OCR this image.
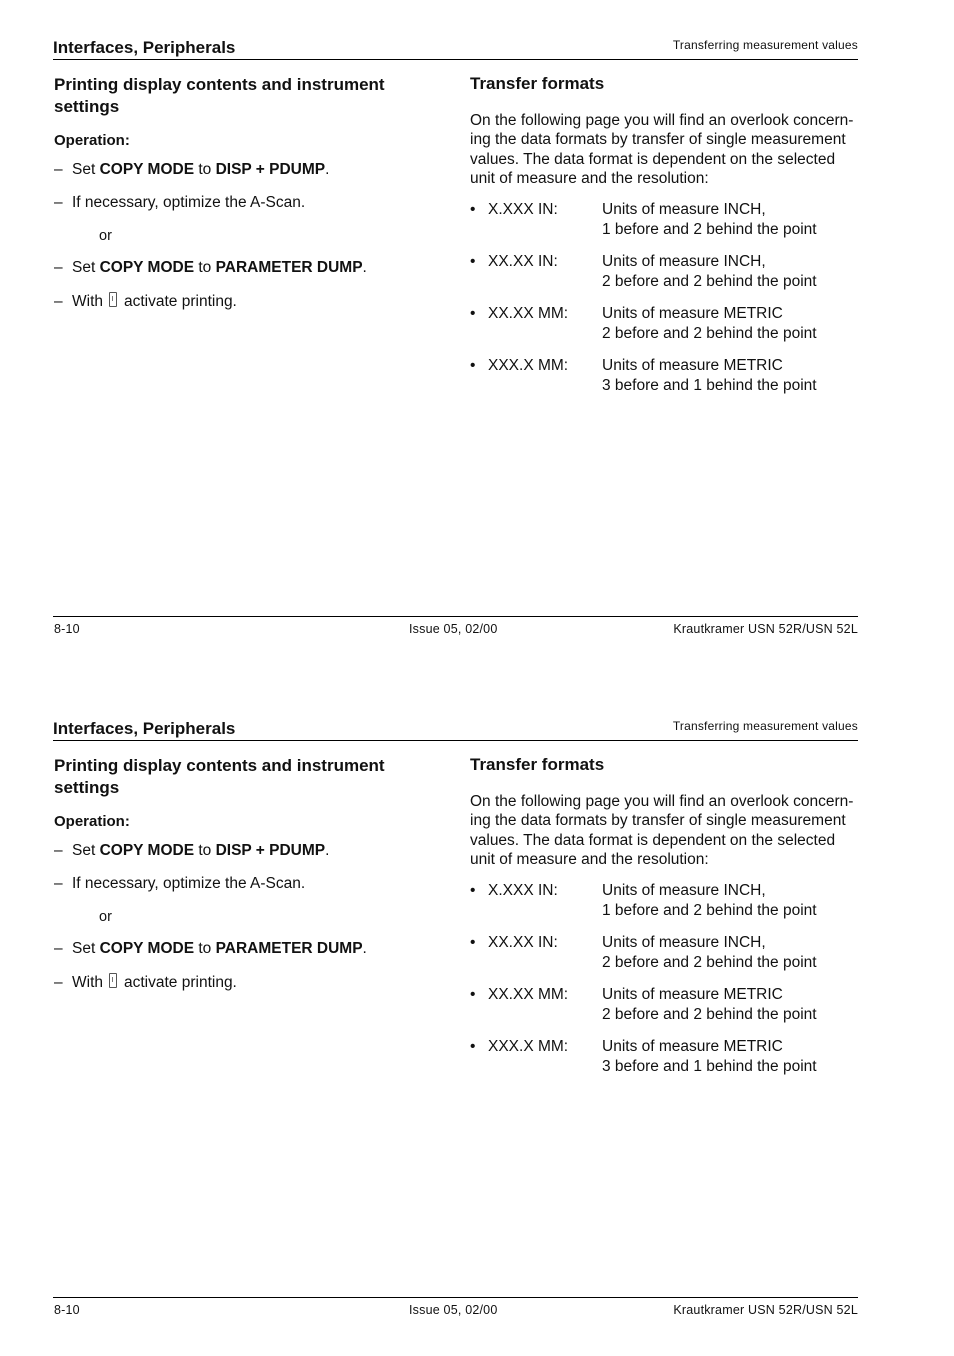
Interfaces, Peripherals	Transferring measurement values
Printing display contents and instrument settings
Operation:
– Set COPY MODE to DISP + PDUMP.
– If necessary, optimize the A-Scan.
or
– Set COPY MODE to PARAMETER DUMP.
– With activate printing.
Transfer formats
On the following page you will find an overlook concern-
ing the data formats by transfer of single measurement
values. The data format is dependent on the selected
unit of measure and the resolution:
• X.XXX IN:	Units of measure INCH,
1 before and 2 behind the point
• XX.XX IN:	Units of measure INCH,
2 before and 2 behind the point
• XX.XX MM: Units of measure METRIC
2 before and 2 behind the point
• XXX.X MM: Units of measure METRIC
3 before and 1 behind the point
8-10	Issue 05, 02/00	Krautkramer USN 52R/USN 52L
Interfaces, Peripherals	Transferring measurement values
Printing display contents and instrument settings
Operation:
– Set COPY MODE to DISP + PDUMP.
– If necessary, optimize the A-Scan.
or
– Set COPY MODE to PARAMETER DUMP.
– With activate printing.
Transfer formats
On the following page you will find an overlook concern-
ing the data formats by transfer of single measurement
values. The data format is dependent on the selected
unit of measure and the resolution:
• X.XXX IN:	Units of measure INCH,
1 before and 2 behind the point
• XX.XX IN:	Units of measure INCH,
2 before and 2 behind the point
• XX.XX MM: Units of measure METRIC
2 before and 2 behind the point
• XXX.X MM: Units of measure METRIC
3 before and 1 behind the point
8-10	Issue 05, 02/00	Krautkramer USN 52R/USN 52L
